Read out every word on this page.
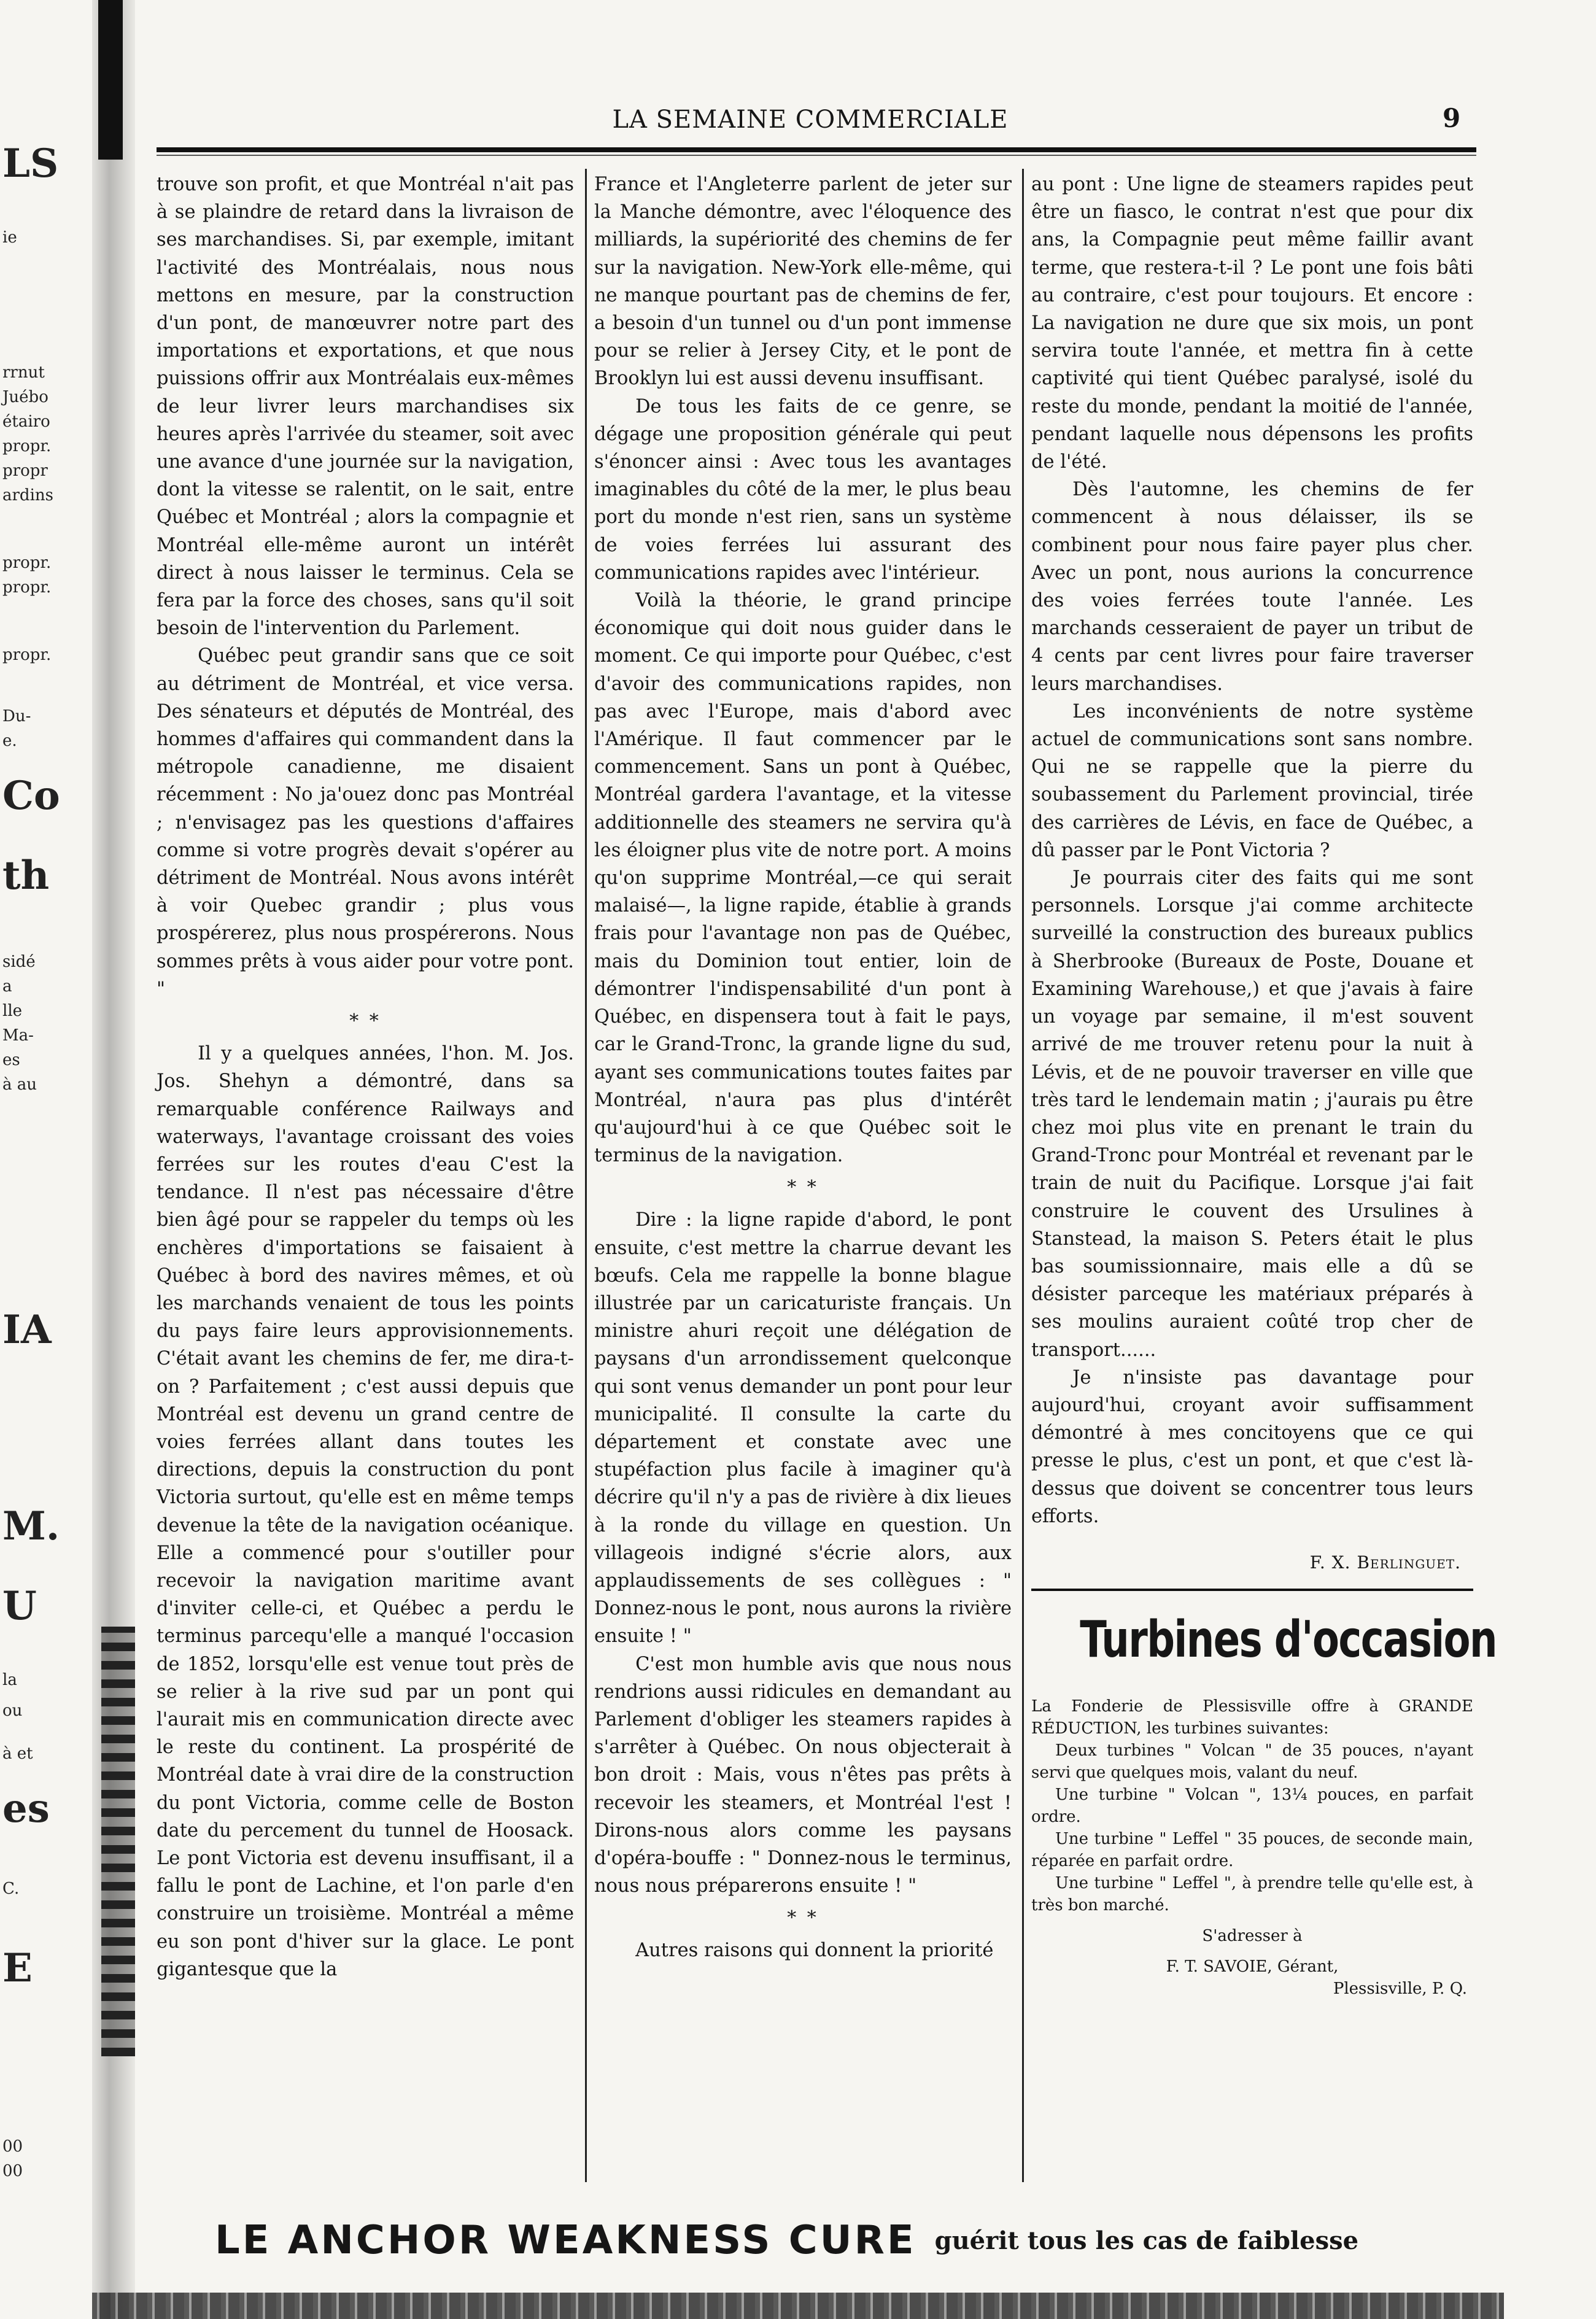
LS
ie
rrnut
Juébo
étairo
propr.
propr
ardins
propr.
propr.
propr.
Du-
e.
Co
th
sidé
a
lle
Ma-
es
à au
IA
M.
U
la
ou
à et
es
C.
E
00
00
LA SEMAINE COMMERCIALE	9

trouve son profit, et que Montréal n'ait pas à se plaindre de retard dans la livraison de ses marchandises. Si, par exemple, imitant l'activité des Montréalais, nous nous mettons en mesure, par la construction d'un pont, de manœuvrer notre part des importations et exportations, et que nous puissions offrir aux Montréalais eux-mêmes de leur livrer leurs marchandises six heures après l'arrivée du steamer, soit avec une avance d'une journée sur la navigation, dont la vitesse se ralentit, on le sait, entre Québec et Montréal ; alors la compagnie et Montréal elle-même auront un intérêt direct à nous laisser le terminus. Cela se fera par la force des choses, sans qu'il soit besoin de l'intervention du Parlement.

Québec peut grandir sans que ce soit au détriment de Montréal, et vice versa. Des sénateurs et députés de Montréal, des hommes d'affaires qui commandent dans la métropole canadienne, me disaient récemment : No ja'ouez donc pas Montréal ; n'envisagez pas les questions d'affaires comme si votre progrès devait s'opérer au détriment de Montréal. Nous avons intérêt à voir Quebec grandir ; plus vous prospérerez, plus nous prospérerons. Nous sommes prêts à vous aider pour votre pont. "

* *

Il y a quelques années, l'hon. M. Jos. Jos. Shehyn a démontré, dans sa remarquable conférence Railways and waterways, l'avantage croissant des voies ferrées sur les routes d'eau C'est la tendance. Il n'est pas nécessaire d'être bien âgé pour se rappeler du temps où les enchères d'importations se faisaient à Québec à bord des navires mêmes, et où les marchands venaient de tous les points du pays faire leurs approvisionnements. C'était avant les chemins de fer, me dira-t-on ? Parfaitement ; c'est aussi depuis que Montréal est devenu un grand centre de voies ferrées allant dans toutes les directions, depuis la construction du pont Victoria surtout, qu'elle est en même temps devenue la tête de la navigation océanique. Elle a commencé pour s'outiller pour recevoir la navigation maritime avant d'inviter celle-ci, et Québec a perdu le terminus parcequ'elle a manqué l'occasion de 1852, lorsqu'elle est venue tout près de se relier à la rive sud par un pont qui l'aurait mis en communication directe avec le reste du continent. La prospérité de Montréal date à vrai dire de la construction du pont Victoria, comme celle de Boston date du percement du tunnel de Hoosack. Le pont Victoria est devenu insuffisant, il a fallu le pont de Lachine, et l'on parle d'en construire un troisième. Montréal a même eu son pont d'hiver sur la glace. Le pont gigantesque que la

France et l'Angleterre parlent de jeter sur la Manche démontre, avec l'éloquence des milliards, la supériorité des chemins de fer sur la navigation. New-York elle-même, qui ne manque pourtant pas de chemins de fer, a besoin d'un tunnel ou d'un pont immense pour se relier à Jersey City, et le pont de Brooklyn lui est aussi devenu insuffisant.

De tous les faits de ce genre, se dégage une proposition générale qui peut s'énoncer ainsi : Avec tous les avantages imaginables du côté de la mer, le plus beau port du monde n'est rien, sans un système de voies ferrées lui assurant des communications rapides avec l'intérieur.

Voilà la théorie, le grand principe économique qui doit nous guider dans le moment. Ce qui importe pour Québec, c'est d'avoir des communications rapides, non pas avec l'Europe, mais d'abord avec l'Amérique. Il faut commencer par le commencement. Sans un pont à Québec, Montréal gardera l'avantage, et la vitesse additionnelle des steamers ne servira qu'à les éloigner plus vite de notre port. A moins qu'on supprime Montréal,—ce qui serait malaisé—, la ligne rapide, établie à grands frais pour l'avantage non pas de Québec, mais du Dominion tout entier, loin de démontrer l'indispensabilité d'un pont à Québec, en dispensera tout à fait le pays, car le Grand-Tronc, la grande ligne du sud, ayant ses communications toutes faites par Montréal, n'aura pas plus d'intérêt qu'aujourd'hui à ce que Québec soit le terminus de la navigation.

* *

Dire : la ligne rapide d'abord, le pont ensuite, c'est mettre la charrue devant les bœufs. Cela me rappelle la bonne blague illustrée par un caricaturiste français. Un ministre ahuri reçoit une délégation de paysans d'un arrondissement quelconque qui sont venus demander un pont pour leur municipalité. Il consulte la carte du département et constate avec une stupéfaction plus facile à imaginer qu'à décrire qu'il n'y a pas de rivière à dix lieues à la ronde du village en question. Un villageois indigné s'écrie alors, aux applaudissements de ses collègues : " Donnez-nous le pont, nous aurons la rivière ensuite ! "

C'est mon humble avis que nous nous rendrions aussi ridicules en demandant au Parlement d'obliger les steamers rapides à s'arrêter à Québec. On nous objecterait à bon droit : Mais, vous n'êtes pas prêts à recevoir les steamers, et Montréal l'est ! Dirons-nous alors comme les paysans d'opéra-bouffe : " Donnez-nous le terminus, nous nous préparerons ensuite ! "

* *

Autres raisons qui donnent la priorité

au pont : Une ligne de steamers rapides peut être un fiasco, le contrat n'est que pour dix ans, la Compagnie peut même faillir avant terme, que restera-t-il ? Le pont une fois bâti au contraire, c'est pour toujours. Et encore : La navigation ne dure que six mois, un pont servira toute l'année, et mettra fin à cette captivité qui tient Québec paralysé, isolé du reste du monde, pendant la moitié de l'année, pendant laquelle nous dépensons les profits de l'été.

Dès l'automne, les chemins de fer commencent à nous délaisser, ils se combinent pour nous faire payer plus cher. Avec un pont, nous aurions la concurrence des voies ferrées toute l'année. Les marchands cesseraient de payer un tribut de 4 cents par cent livres pour faire traverser leurs marchandises.

Les inconvénients de notre système actuel de communications sont sans nombre. Qui ne se rappelle que la pierre du soubassement du Parlement provincial, tirée des carrières de Lévis, en face de Québec, a dû passer par le Pont Victoria ?

Je pourrais citer des faits qui me sont personnels. Lorsque j'ai comme architecte surveillé la construction des bureaux publics à Sherbrooke (Bureaux de Poste, Douane et Examining Warehouse,) et que j'avais à faire un voyage par semaine, il m'est souvent arrivé de me trouver retenu pour la nuit à Lévis, et de ne pouvoir traverser en ville que très tard le lendemain matin ; j'aurais pu être chez moi plus vite en prenant le train du Grand-Tronc pour Montréal et revenant par le train de nuit du Pacifique. Lorsque j'ai fait construire le couvent des Ursulines à Stanstead, la maison S. Peters était le plus bas soumissionnaire, mais elle a dû se désister parceque les matériaux préparés à ses moulins auraient coûté trop cher de transport......

Je n'insiste pas davantage pour aujourd'hui, croyant avoir suffisamment démontré à mes concitoyens que ce qui presse le plus, c'est un pont, et que c'est là-dessus que doivent se concentrer tous leurs efforts.

F. X. Berlinguet.
Turbines d'occasion

La Fonderie de Plessisville offre à GRANDE RÉDUCTION, les turbines suivantes:

Deux turbines " Volcan " de 35 pouces, n'ayant servi que quelques mois, valant du neuf.

Une turbine " Volcan ", 13¼ pouces, en parfait ordre.

Une turbine " Leffel " 35 pouces, de seconde main, réparée en parfait ordre.

Une turbine " Leffel ", à prendre telle qu'elle est, à très bon marché.

S'adresser à
F. T. SAVOIE, Gérant,
Plessisville, P. Q.
LE ANCHOR WEAKNESS CURE guérit tous les cas de faiblesse
